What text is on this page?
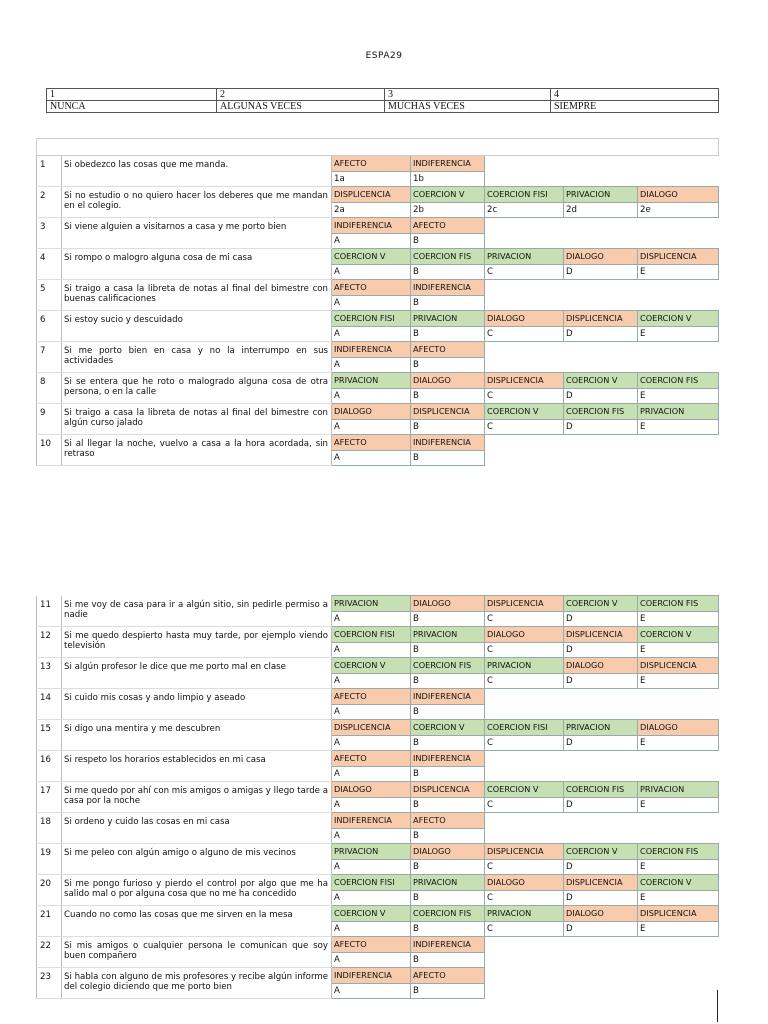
ESPA29
1	2	3	4
NUNCA	ALGUNAS VECES	MUCHAS VECES	SIEMPRE

1	Si obedezco las cosas que me manda.	AFECTO	INDIFERENCIA			
		1a	1b			
2	Si no estudio o no quiero hacer los deberes que me mandan en el colegio.	DISPLICENCIA	COERCION V	COERCION FISI	PRIVACION	DIALOGO
		2a	2b	2c	2d	2e
3	Si viene alguien a visitarnos a casa y me porto bien	INDIFERENCIA	AFECTO			
		A	B			
4	Si rompo o malogro alguna cosa de mi casa	COERCION V	COERCION FIS	PRIVACION	DIALOGO	DISPLICENCIA
		A	B	C	D	E
5	Si traigo a casa la libreta de notas al final del bimestre con buenas calificaciones	AFECTO	INDIFERENCIA			
		A	B			
6	Si estoy sucio y descuidado	COERCION FISI	PRIVACION	DIALOGO	DISPLICENCIA	COERCION V
		A	B	C	D	E
7	Si me porto bien en casa y no la interrumpo en sus actividades	INDIFERENCIA	AFECTO			
		A	B			
8	Si se entera que he roto o malogrado alguna cosa de otra persona, o en la calle	PRIVACION	DIALOGO	DISPLICENCIA	COERCION V	COERCION FIS
		A	B	C	D	E
9	Si traigo a casa la libreta de notas al final del bimestre con algún curso jalado	DIALOGO	DISPLICENCIA	COERCION V	COERCION FIS	PRIVACION
		A	B	C	D	E
10	Si al llegar la noche, vuelvo a casa a la hora acordada, sin retraso	AFECTO	INDIFERENCIA			
		A	B			
11	Si me voy de casa para ir a algún sitio, sin pedirle permiso a nadie	PRIVACION	DIALOGO	DISPLICENCIA	COERCION V	COERCION FIS
		A	B	C	D	E
12	Si me quedo despierto hasta muy tarde, por ejemplo viendo televisión	COERCION FISI	PRIVACION	DIALOGO	DISPLICENCIA	COERCION V
		A	B	C	D	E
13	Si algún profesor le dice que me porto mal en clase	COERCION V	COERCION FIS	PRIVACION	DIALOGO	DISPLICENCIA
		A	B	C	D	E
14	Si cuido mis cosas y ando limpio y aseado	AFECTO	INDIFERENCIA			
		A	B			
15	Si digo una mentira y me descubren	DISPLICENCIA	COERCION V	COERCION FISI	PRIVACION	DIALOGO
		A	B	C	D	E
16	Si respeto los horarios establecidos en mi casa	AFECTO	INDIFERENCIA			
		A	B			
17	Si me quedo por ahí con mis amigos o amigas y llego tarde a casa por la noche	DIALOGO	DISPLICENCIA	COERCION V	COERCION FIS	PRIVACION
		A	B	C	D	E
18	Si ordeno y cuido las cosas en mi casa	INDIFERENCIA	AFECTO			
		A	B			
19	Si me peleo con algún amigo o alguno de mis vecinos	PRIVACION	DIALOGO	DISPLICENCIA	COERCION V	COERCION FIS
		A	B	C	D	E
20	Si me pongo furioso y pierdo el control por algo que me ha salido mal o por alguna cosa que no me ha concedido	COERCION FISI	PRIVACION	DIALOGO	DISPLICENCIA	COERCION V
		A	B	C	D	E
21	Cuando no como las cosas que me sirven en la mesa	COERCION V	COERCION FIS	PRIVACION	DIALOGO	DISPLICENCIA
		A	B	C	D	E
22	Si mis amigos o cualquier persona le comunican que soy buen compañero	AFECTO	INDIFERENCIA			
		A	B			
23	Si habla con alguno de mis profesores y recibe algún informe del colegio diciendo que me porto bien	INDIFERENCIA	AFECTO			
		A	B			
